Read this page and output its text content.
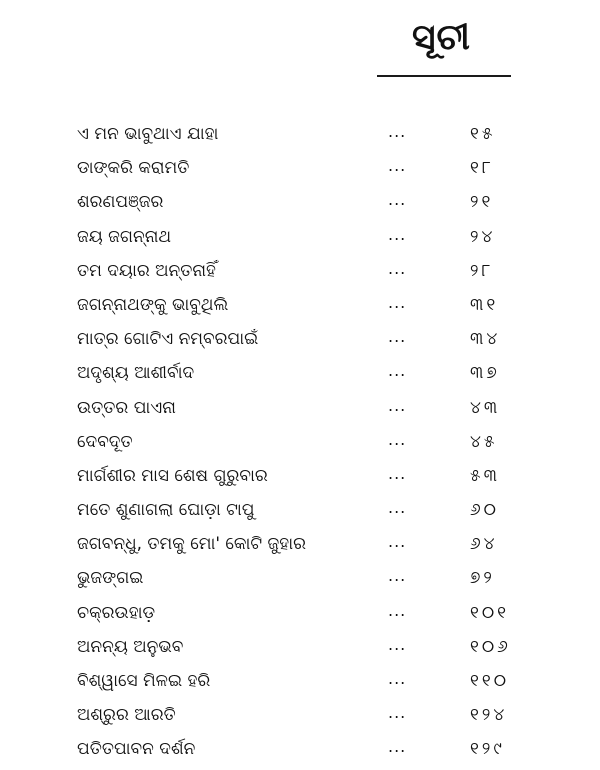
ସୂଚୀ
ଏ ମନ ଭାବୁଥାଏ ଯାହା	...	୧୫
ଡାଙ୍କରି କରାମତି	...	୧୮
ଶରଣପଞ୍ଜର	...	୨୧
ଜୟ ଜଗନ୍ନାଥ	...	୨୪
ତମ ଦୟାର ଅନ୍ତନାହିଁ	...	୨୮
ଜଗନ୍ନାଥଙ୍କୁ ଭାବୁଥିଲି	...	୩୧
ମାତ୍ର ଗୋଟିଏ ନମ୍ବରପାଇଁ	...	୩୪
ଅଦୃଶ୍ୟ ଆଶୀର୍ବାଦ	...	୩୭
ଉତ୍ତର ପାଏନା	...	୪୩
ଦେବଦୂତ	...	୪୫
ମାର୍ଗଶୀର ମାସ ଶେଷ ଗୁରୁବାର	...	୫୩
ମତେ ଶୁଣାଗଲା ଘୋଡ଼ା ଟାପୁ	...	୬୦
ଜଗବନ୍ଧୁ, ତମକୁ ମୋ' କୋଟି ଜୁହାର	...	୬୪
ଭୁଜଙ୍ଗଇ	...	୭୨
ଚକ୍ରଉହାଡ଼	...	୧୦୧
ଅନନ୍ୟ ଅନୁଭବ	...	୧୦୬
ବିଶ୍ୱାସେ ମିଳଇ ହରି	...	୧୧୦
ଅଶ୍ରୁର ଆରତି	...	୧୨୪
ପତିତପାବନ ଦର୍ଶନ	...	୧୨୯
